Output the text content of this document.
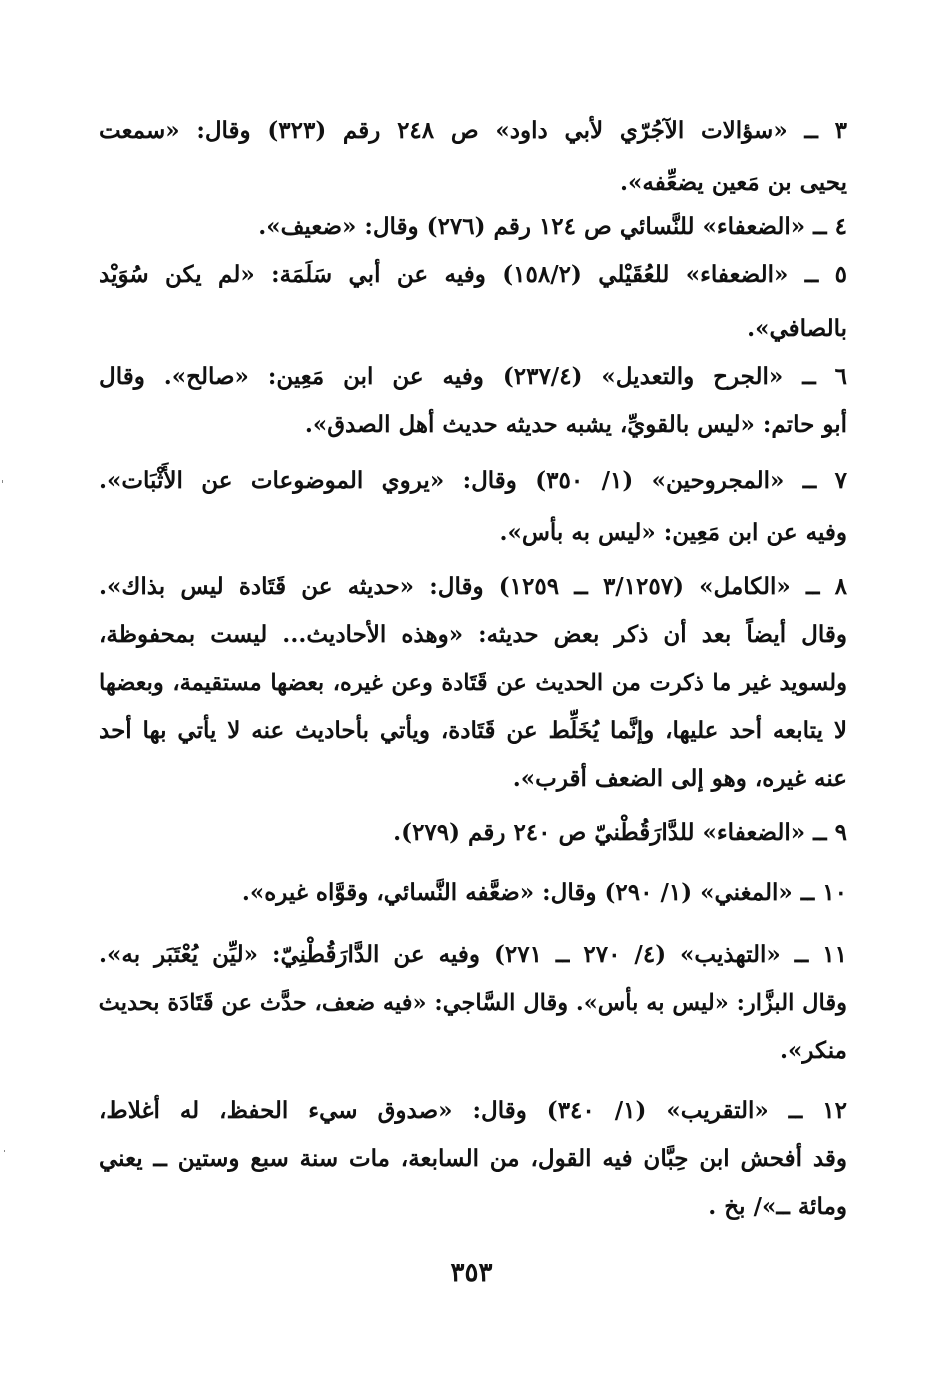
٣ ــ «سؤالات الآجُرّي لأبي داود» ص ٢٤٨ رقم (٣٢٣) وقال: «سمعت
يحيى بن مَعين يضعِّفه».
٤ ــ «الضعفاء» للنَّسائي ص ١٢٤ رقم (٢٧٦) وقال: «ضعيف».
٥ ــ «الضعفاء» للعُقَيْلي (١٥٨/٢) وفيه عن أبي سَلَمَة: «لم يكن سُوَيْد
بالصافي».
٦ ــ «الجرح والتعديل» (٢٣٧/٤) وفيه عن ابن مَعِين: «صالح». وقال
أبو حاتم: «ليس بالقويِّ، يشبه حديثه حديث أهل الصدق».
٧ ــ «المجروحين» (١/ ٣٥٠) وقال: «يروي الموضوعات عن الأَثْبَات».
وفيه عن ابن مَعِين: «ليس به بأس».
٨ ــ «الكامل» (٣/١٢٥٧ ــ ١٢٥٩) وقال: «حديثه عن قَتَادة ليس بذاك».
وقال أيضاً بعد أن ذكر بعض حديثه: «وهذه الأحاديث... ليست بمحفوظة،
ولسويد غير ما ذكرت من الحديث عن قَتَادة وعن غيره، بعضها مستقيمة، وبعضها
لا يتابعه أحد عليها، وإنَّما يُخَلِّط عن قَتَادة، ويأتي بأحاديث عنه لا يأتي بها أحد
عنه غيره، وهو إلى الضعف أقرب».
٩ ــ «الضعفاء» للدَّارَقُطْنيّ ص ٢٤٠ رقم (٢٧٩).
١٠ ــ «المغني» (١/ ٢٩٠) وقال: «ضعَّفه النَّسائي، وقوَّاه غيره».
١١ ــ «التهذيب» (٤/ ٢٧٠ ــ ٢٧١) وفيه عن الدَّارَقُطْنِيّ: «ليِّن يُعْتَبَر به».
وقال البزَّار: «ليس به بأس». وقال السَّاجي: «فيه ضعف، حدَّث عن قَتَادَة بحديث
منكر».
١٢ ــ «التقريب» (١/ ٣٤٠) وقال: «صدوق سيء الحفظ، له أغلاط،
وقد أفحش ابن حِبَّان فيه القول، من السابعة، مات سنة سبع وستين ــ يعني
ومائة ــ»/ بخ .
٣٥٣
